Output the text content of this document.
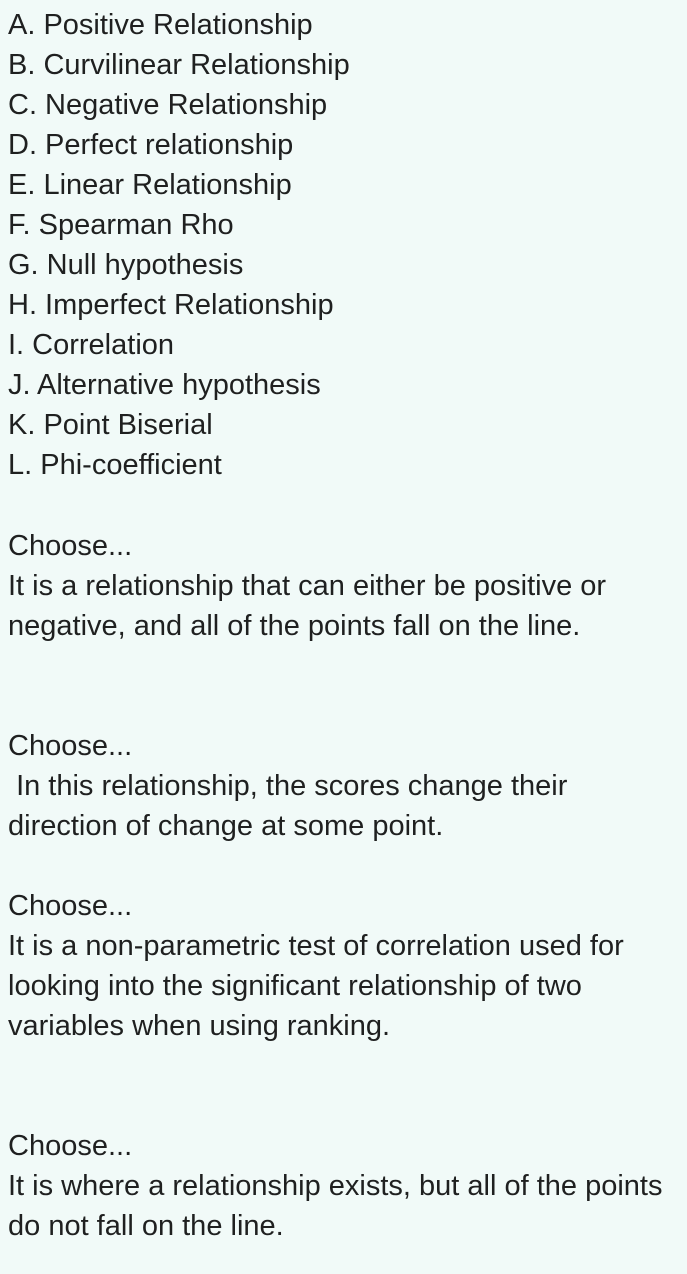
A. Positive Relationship
B. Curvilinear Relationship
C. Negative Relationship
D. Perfect relationship
E. Linear Relationship
F. Spearman Rho
G. Null hypothesis
H. Imperfect Relationship
I. Correlation
J. Alternative hypothesis
K. Point Biserial
L. Phi-coefficient
Choose...
It is a relationship that can either be positive or negative, and all of the points fall on the line.
Choose...
In this relationship, the scores change their direction of change at some point.
Choose...
It is a non-parametric test of correlation used for looking into the significant relationship of two variables when using ranking.
Choose...
It is where a relationship exists, but all of the points do not fall on the line.
